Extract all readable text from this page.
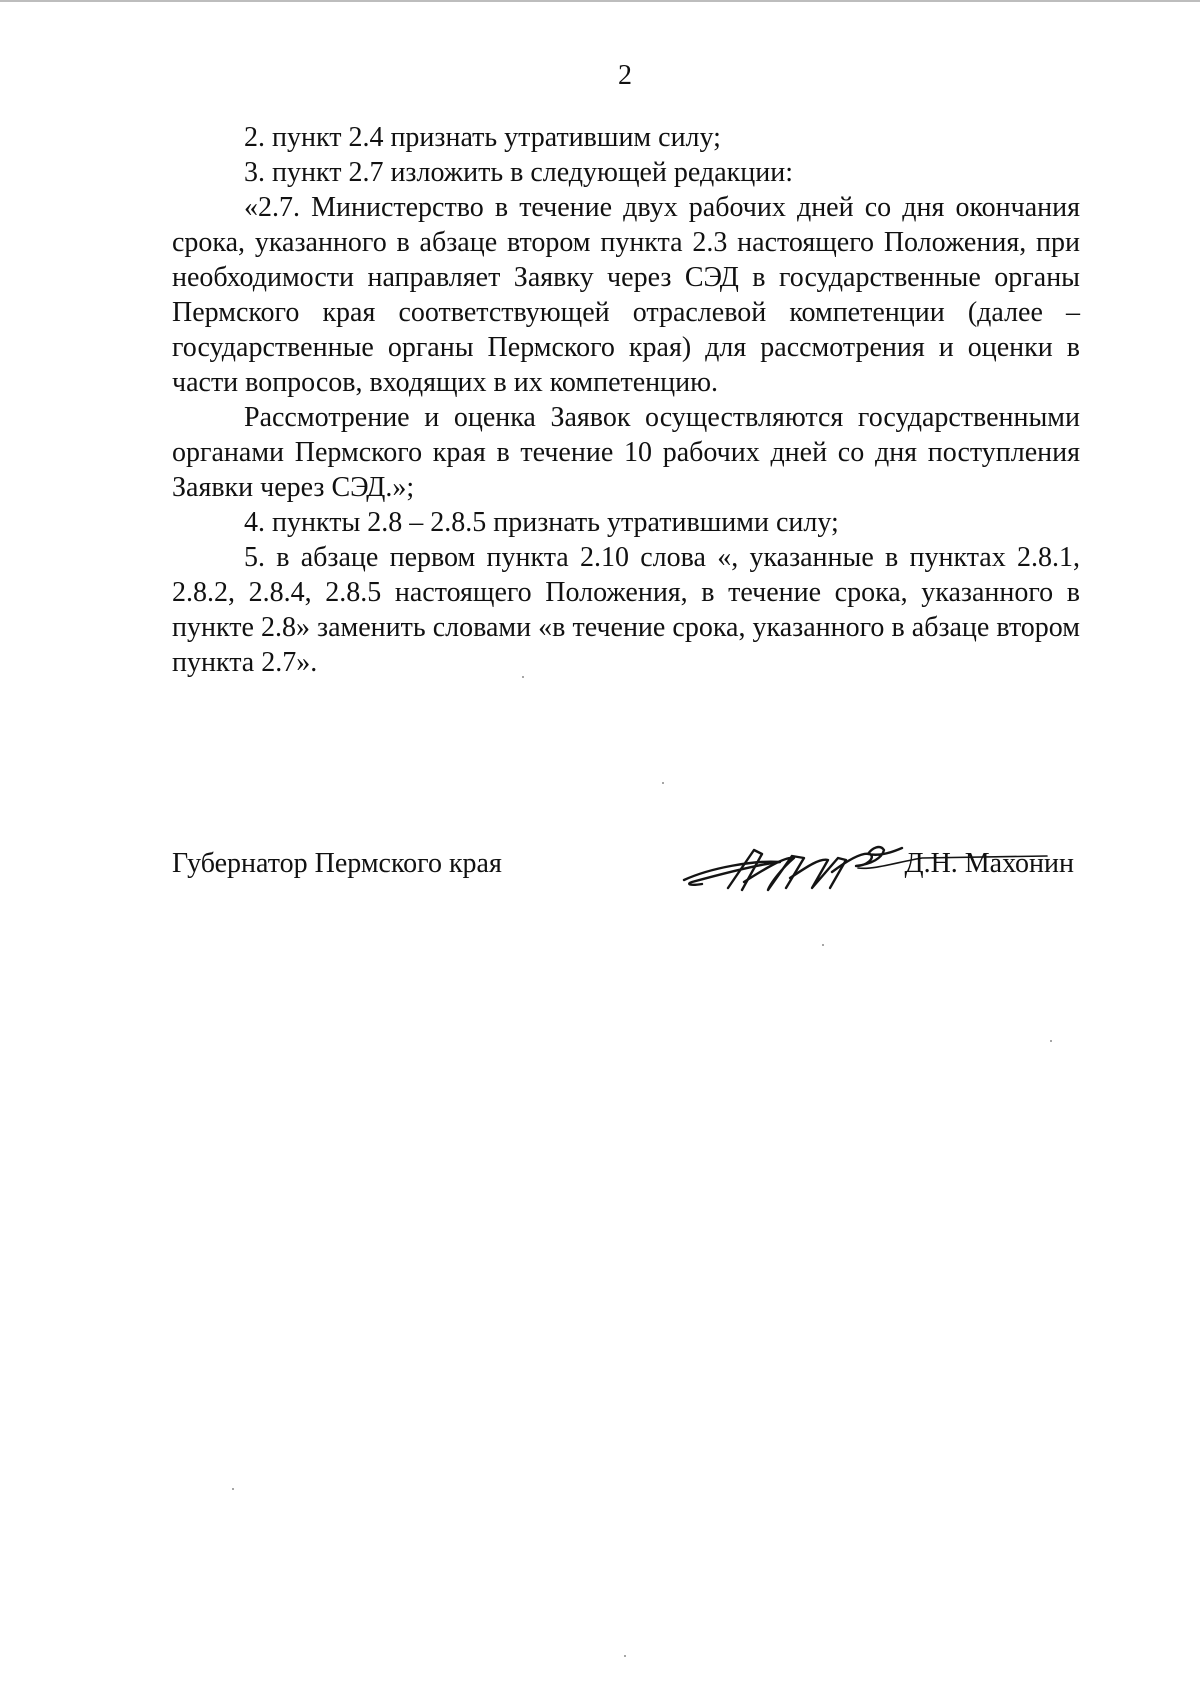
2

2. пункт 2.4 признать утратившим силу;

3. пункт 2.7 изложить в следующей редакции:

«2.7. Министерство в течение двух рабочих дней со дня окончания срока, указанного в абзаце втором пункта 2.3 настоящего Положения, при необходимости направляет Заявку через СЭД в государственные органы Пермского края соответствующей отраслевой компетенции (далее – государственные органы Пермского края) для рассмотрения и оценки в части вопросов, входящих в их компетенцию.

Рассмотрение и оценка Заявок осуществляются государственными органами Пермского края в течение 10 рабочих дней со дня поступления Заявки через СЭД.»;

4. пункты 2.8 – 2.8.5 признать утратившими силу;

5. в абзаце первом пункта 2.10 слова «, указанные в пунктах 2.8.1, 2.8.2, 2.8.4, 2.8.5 настоящего Положения, в течение срока, указанного в пункте 2.8» заменить словами «в течение срока, указанного в абзаце втором пункта 2.7».

Губернатор Пермского края	Д.Н. Махонин
